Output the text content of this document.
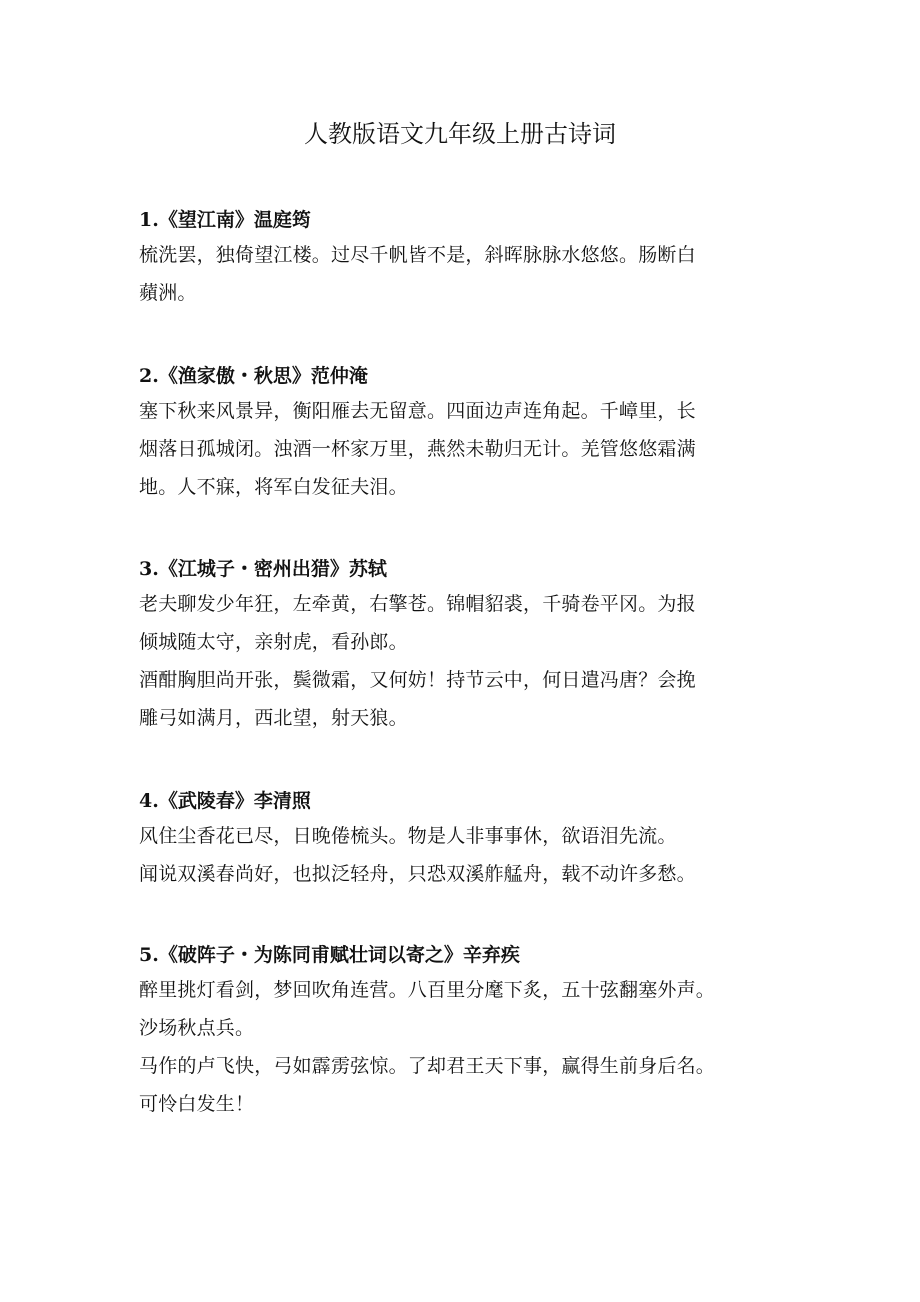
人教版语文九年级上册古诗词
1.《望江南》温庭筠

梳洗罢，独倚望江楼。过尽千帆皆不是，斜晖脉脉水悠悠。肠断白

蘋洲。

2.《渔家傲・秋思》范仲淹

塞下秋来风景异，衡阳雁去无留意。四面边声连角起。千嶂里，长

烟落日孤城闭。浊酒一杯家万里，燕然未勒归无计。羌管悠悠霜满

地。人不寐，将军白发征夫泪。

3.《江城子・密州出猎》苏轼

老夫聊发少年狂，左牵黄，右擎苍。锦帽貂裘，千骑卷平冈。为报

倾城随太守，亲射虎，看孙郎。

酒酣胸胆尚开张，鬓微霜，又何妨！持节云中，何日遣冯唐？会挽

雕弓如满月，西北望，射天狼。

4.《武陵春》李清照

风住尘香花已尽，日晚倦梳头。物是人非事事休，欲语泪先流。

闻说双溪春尚好，也拟泛轻舟，只恐双溪舴艋舟，载不动许多愁。

5.《破阵子・为陈同甫赋壮词以寄之》辛弃疾

醉里挑灯看剑，梦回吹角连营。八百里分麾下炙，五十弦翻塞外声。

沙场秋点兵。

马作的卢飞快，弓如霹雳弦惊。了却君王天下事，赢得生前身后名。

可怜白发生！
